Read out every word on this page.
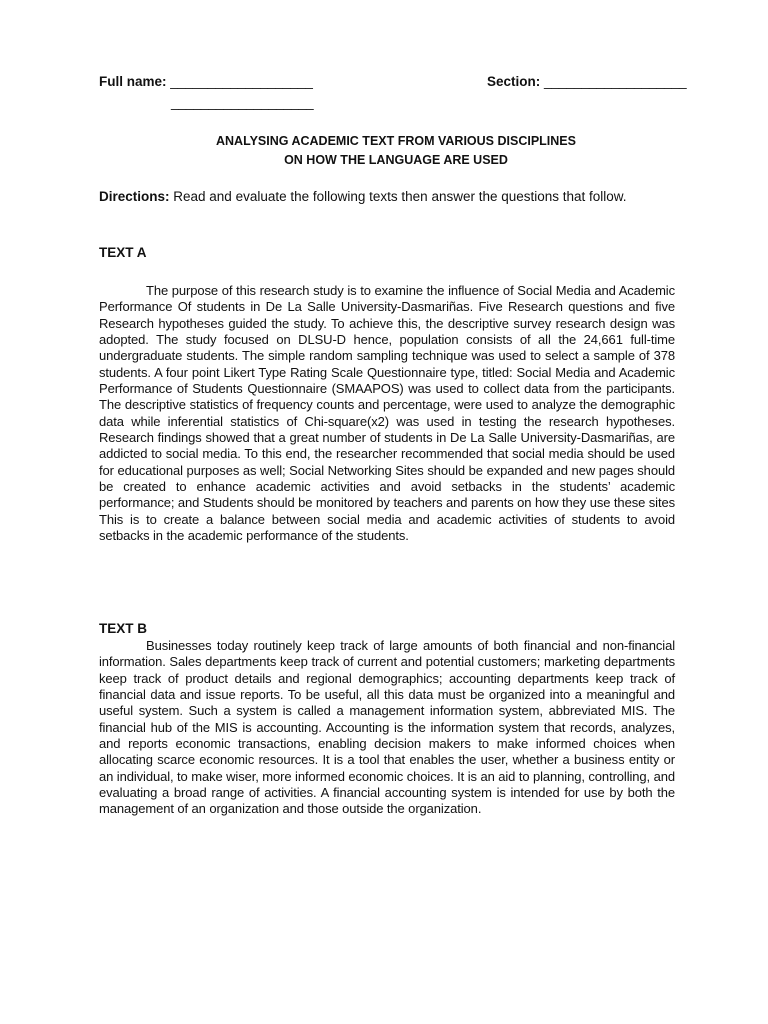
Full name: ___________________
___________________
Section: ___________________
ANALYSING ACADEMIC TEXT FROM VARIOUS DISCIPLINES
ON HOW THE LANGUAGE ARE USED
Directions: Read and evaluate the following texts then answer the questions that follow.
TEXT A
The purpose of this research study is to examine the influence of Social Media and Academic Performance Of students in De La Salle University-Dasmariñas. Five Research questions and five Research hypotheses guided the study. To achieve this, the descriptive survey research design was adopted. The study focused on DLSU-D hence, population consists of all the 24,661 full-time undergraduate students. The simple random sampling technique was used to select a sample of 378 students. A four point Likert Type Rating Scale Questionnaire type, titled: Social Media and Academic Performance of Students Questionnaire (SMAAPOS) was used to collect data from the participants. The descriptive statistics of frequency counts and percentage, were used to analyze the demographic data while inferential statistics of Chi-square(x2) was used in testing the research hypotheses. Research findings showed that a great number of students in De La Salle University-Dasmariñas, are addicted to social media. To this end, the researcher recommended that social media should be used for educational purposes as well; Social Networking Sites should be expanded and new pages should be created to enhance academic activities and avoid setbacks in the students’ academic performance; and Students should be monitored by teachers and parents on how they use these sites This is to create a balance between social media and academic activities of students to avoid setbacks in the academic performance of the students.
TEXT B
Businesses today routinely keep track of large amounts of both financial and non-financial information. Sales departments keep track of current and potential customers; marketing departments keep track of product details and regional demographics; accounting departments keep track of financial data and issue reports. To be useful, all this data must be organized into a meaningful and useful system. Such a system is called a management information system, abbreviated MIS. The financial hub of the MIS is accounting. Accounting is the information system that records, analyzes, and reports economic transactions, enabling decision makers to make informed choices when allocating scarce economic resources. It is a tool that enables the user, whether a business entity or an individual, to make wiser, more informed economic choices. It is an aid to planning, controlling, and evaluating a broad range of activities. A financial accounting system is intended for use by both the management of an organization and those outside the organization.
